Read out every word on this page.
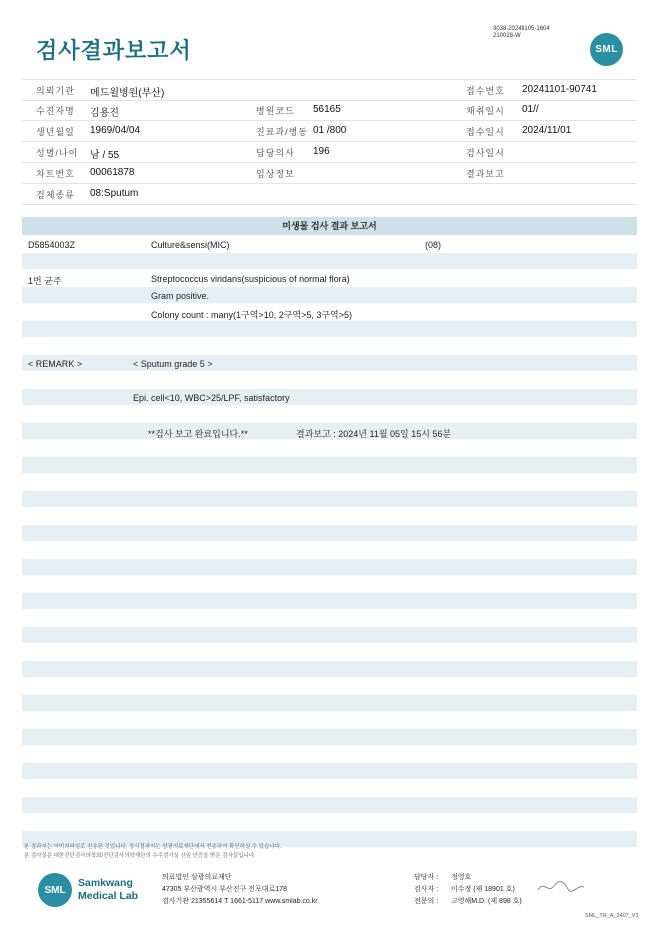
검사결과보고서
3038-2024ll105-1604
210028-W
SML
의뢰기관 메드윌병원(부산)	접수번호 20241101-90741
수진자명 김용진	병원코드 56165	채취일시 01//
생년월일 1969/04/04	진료과/병동 01 /800	접수일시 2024/11/01
성별/나이 남 / 55	담당의사 196	검사일시
차트번호 00061878	임상정보	결과보고
검체종류 08:Sputum
미생물 검사 결과 보고서
D5854003Z	Culture&sensi(MIC)	(08)
1번 균주	Streptococcus viridans(suspicious of normal flora)
Gram positive.
Colony count : many(1구역>10, 2구역>5, 3구역>5)
< REMARK >	< Sputum grade 5 >
Epi. cell<10, WBC>25/LPF, satisfactory
**검사 보고 완료입니다.**	결과보고 : 2024년 11월 05일 15시 56분
본 결과지는 이미지파일로 전송된 것입니다. 정식결과지는 삼광의료재단에서 전송하여 확인하실 수 있습니다.
본 검사실은 대한진단검사의학회/진단검사의학재단의 우수검사실 신임 인증을 받은 검사실입니다.
SML
Samkwang
Medical Lab
의료법인 삼광의료재단
47305 부산광역시 부산진구 전포대로178
검사기관 21355614 T 1661-5117 www.smlab.co.kr
담당자 : 정영호
검사자 : 이수정 (제 18901 호)
전문의 : 고영해M.D. (제 898 호)
SML_TR_A_2407_V1
